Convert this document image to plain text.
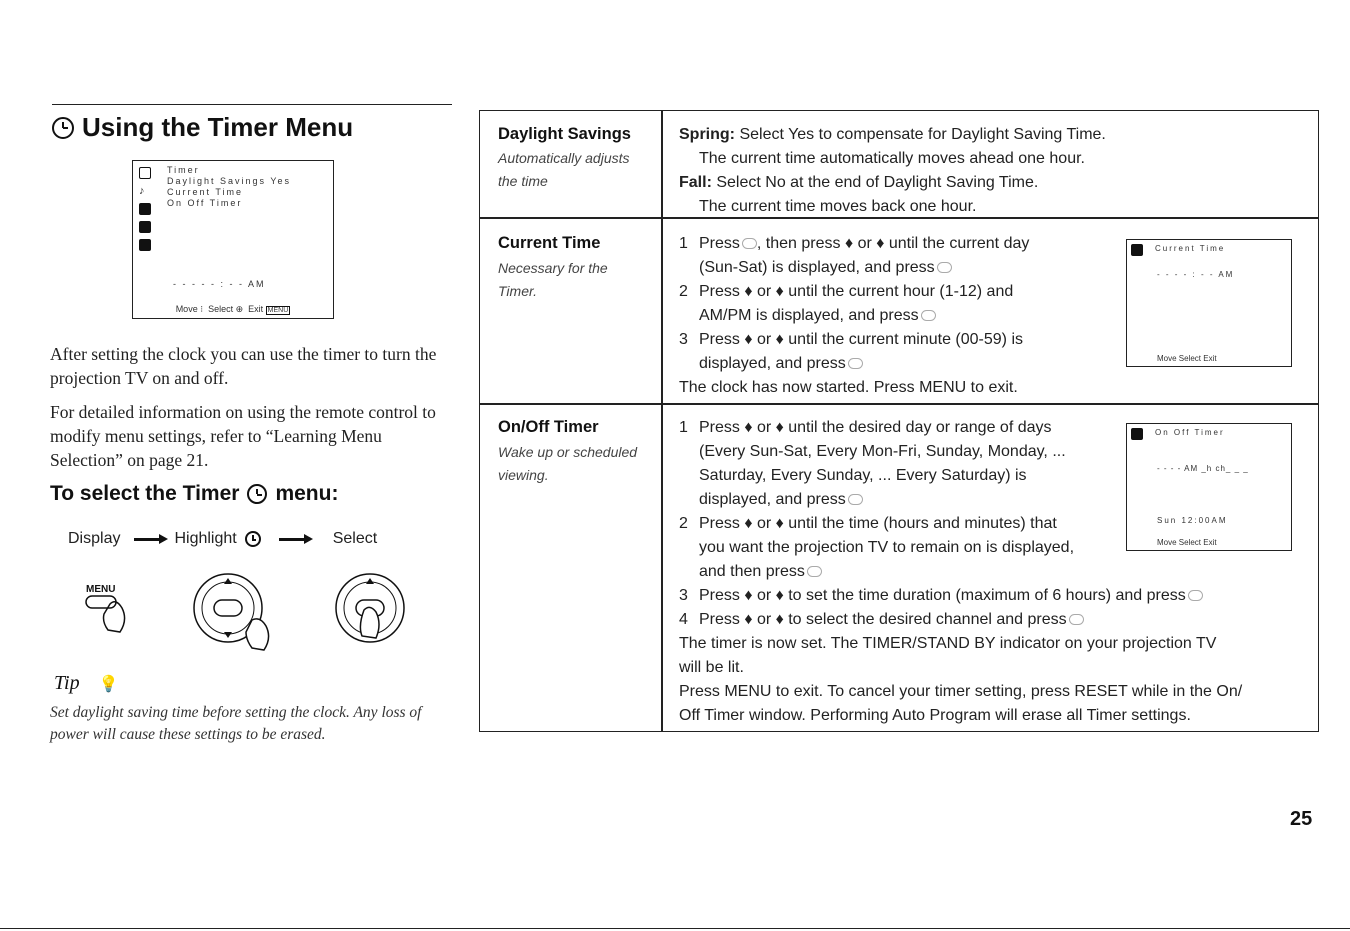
Using the Timer Menu
♪
Timer
Daylight Savings Yes
Current Time
On Off Timer
- - - - - : - - AM
Move ⁝  Select ⊕  Exit MENU
After setting the clock you can use the timer to turn the projection TV on and off.
For detailed information on using the remote control to modify menu settings, refer to “Learning Menu Selection” on page 21.
To select the Timer menu:
Display	Highlight	Select
MENU
Tip 💡
Set daylight saving time before setting the clock. Any loss of power will cause these settings to be erased.
Daylight Savings
Automatically adjusts the time
Spring: Select Yes to compensate for Daylight Saving Time.
The current time automatically moves ahead one hour.
Fall: Select No at the end of Daylight Saving Time.
The current time moves back one hour.
Current Time
Necessary for the Timer.
1 Press , then press ♦ or ♦ until the current day
(Sun-Sat) is displayed, and press
2 Press ♦ or ♦ until the current hour (1-12) and
AM/PM is displayed, and press
3 Press ♦ or ♦ until the current minute (00-59) is
displayed, and press
The clock has now started. Press MENU to exit.
Current Time
- - - - : - - AM
Move Select Exit
On/Off Timer
Wake up or scheduled viewing.
1 Press ♦ or ♦ until the desired day or range of days
(Every Sun-Sat, Every Mon-Fri, Sunday, Monday, ...
Saturday, Every Sunday, ... Every Saturday) is
displayed, and press
2 Press ♦ or ♦ until the time (hours and minutes) that
you want the projection TV to remain on is displayed,
and then press
3 Press ♦ or ♦ to set the time duration (maximum of 6 hours) and press
4 Press ♦ or ♦ to select the desired channel and press
The timer is now set. The TIMER/STAND BY indicator on your projection TV
will be lit.
Press MENU to exit. To cancel your timer setting, press RESET while in the On/
Off Timer window. Performing Auto Program will erase all Timer settings.
On Off Timer
- - - - AM _h ch_ _ _
Sun 12:00AM
Move Select Exit
25
